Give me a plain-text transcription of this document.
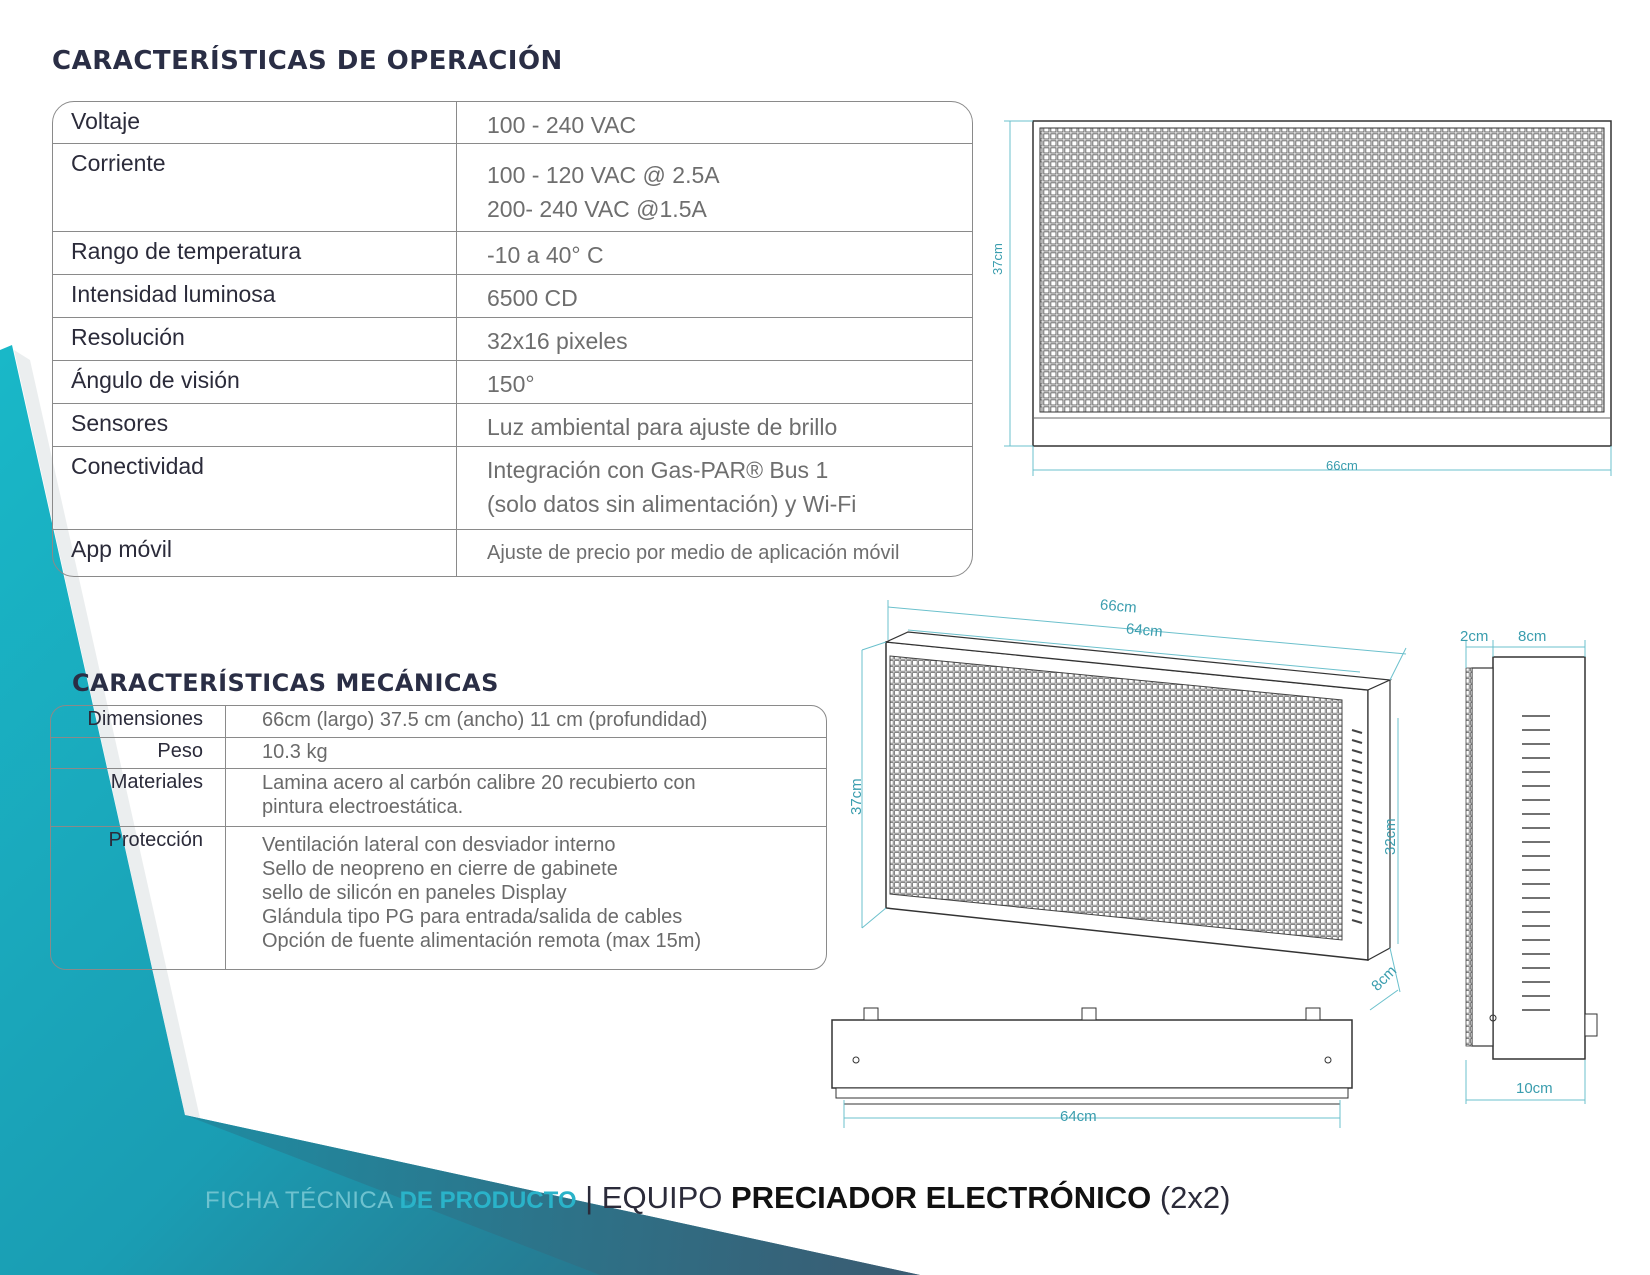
CARACTERÍSTICAS DE OPERACIÓN
Voltaje	100 - 240 VAC
Corriente	100 - 120 VAC @ 2.5A
200- 240 VAC @1.5A
Rango de temperatura	-10 a 40° C
Intensidad luminosa	6500 CD
Resolución	32x16 pixeles
Ángulo de visión	150°
Sensores	Luz ambiental para ajuste de brillo
Conectividad	Integración con Gas-PAR® Bus 1
(solo datos sin alimentación) y Wi-Fi
App móvil	Ajuste de precio por medio de aplicación móvil
CARACTERÍSTICAS MECÁNICAS
Dimensiones	66cm (largo) 37.5 cm (ancho) 11 cm (profundidad)
Peso	10.3 kg
Materiales	Lamina acero al carbón calibre 20 recubierto con
pintura electroestática.
Protección	Ventilación lateral con desviador interno
Sello de neopreno en cierre de gabinete
sello de silicón en paneles Display
Glándula tipo PG para entrada/salida de cables
Opción de fuente alimentación remota (max 15m)
66cm
37cm
66cm
64cm
37cm
32cm
8cm
64cm
2cm 8cm
10cm
FICHA TÉCNICA DE PRODUCTO | EQUIPO PRECIADOR ELECTRÓNICO (2x2)
